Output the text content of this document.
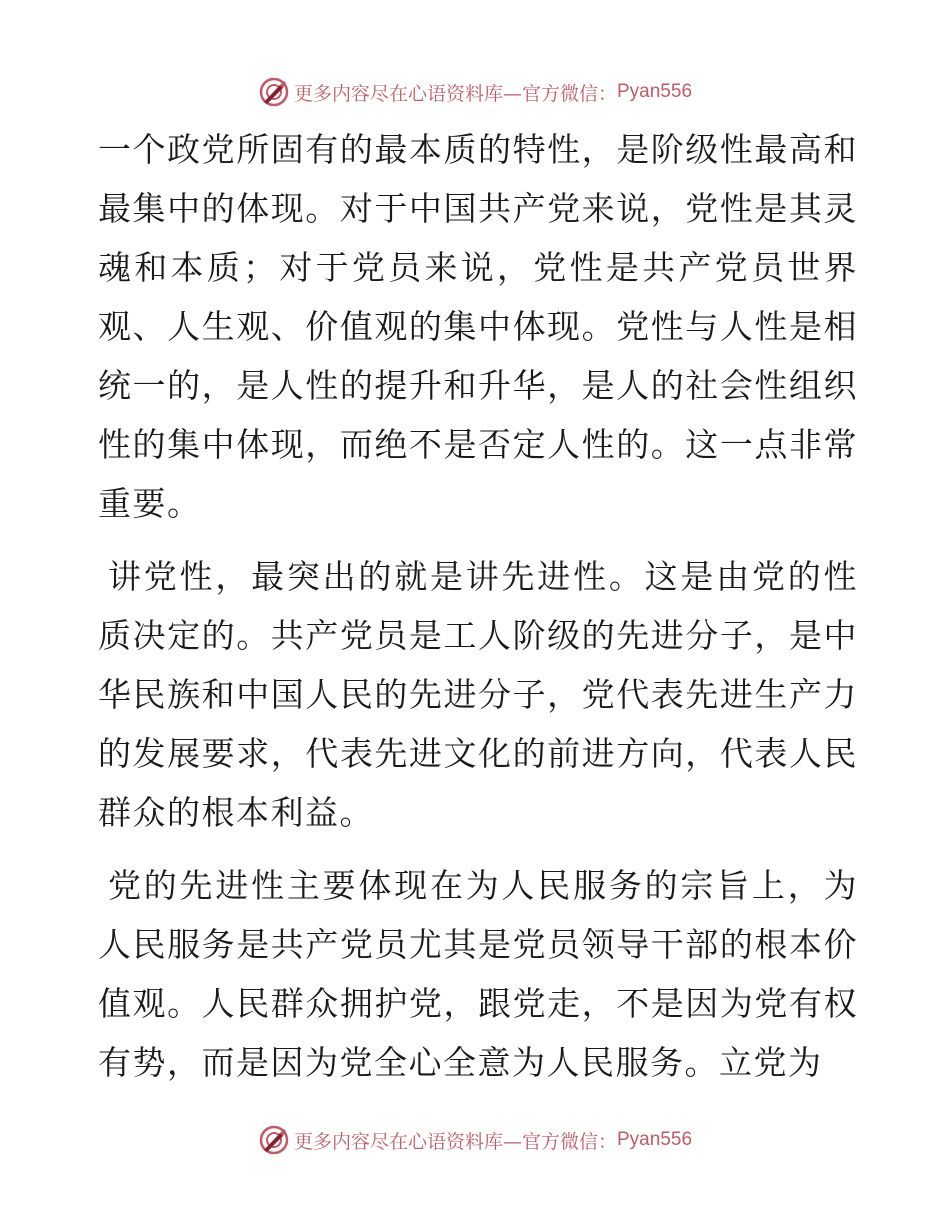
更多内容尽在心语资料库—官方微信： Pyan556

一个政党所固有的最本质的特性，是阶级性最高和最集中的体现。对于中国共产党来说，党性是其灵魂和本质；对于党员来说，党性是共产党员世界观、人生观、价值观的集中体现。党性与人性是相统一的，是人性的提升和升华，是人的社会性组织性的集中体现，而绝不是否定人性的。这一点非常重要。

讲党性，最突出的就是讲先进性。这是由党的性质决定的。共产党员是工人阶级的先进分子，是中华民族和中国人民的先进分子，党代表先进生产力的发展要求，代表先进文化的前进方向，代表人民群众的根本利益。

党的先进性主要体现在为人民服务的宗旨上，为人民服务是共产党员尤其是党员领导干部的根本价值观。人民群众拥护党，跟党走，不是因为党有权有势，而是因为党全心全意为人民服务。立党为

更多内容尽在心语资料库—官方微信： Pyan556
